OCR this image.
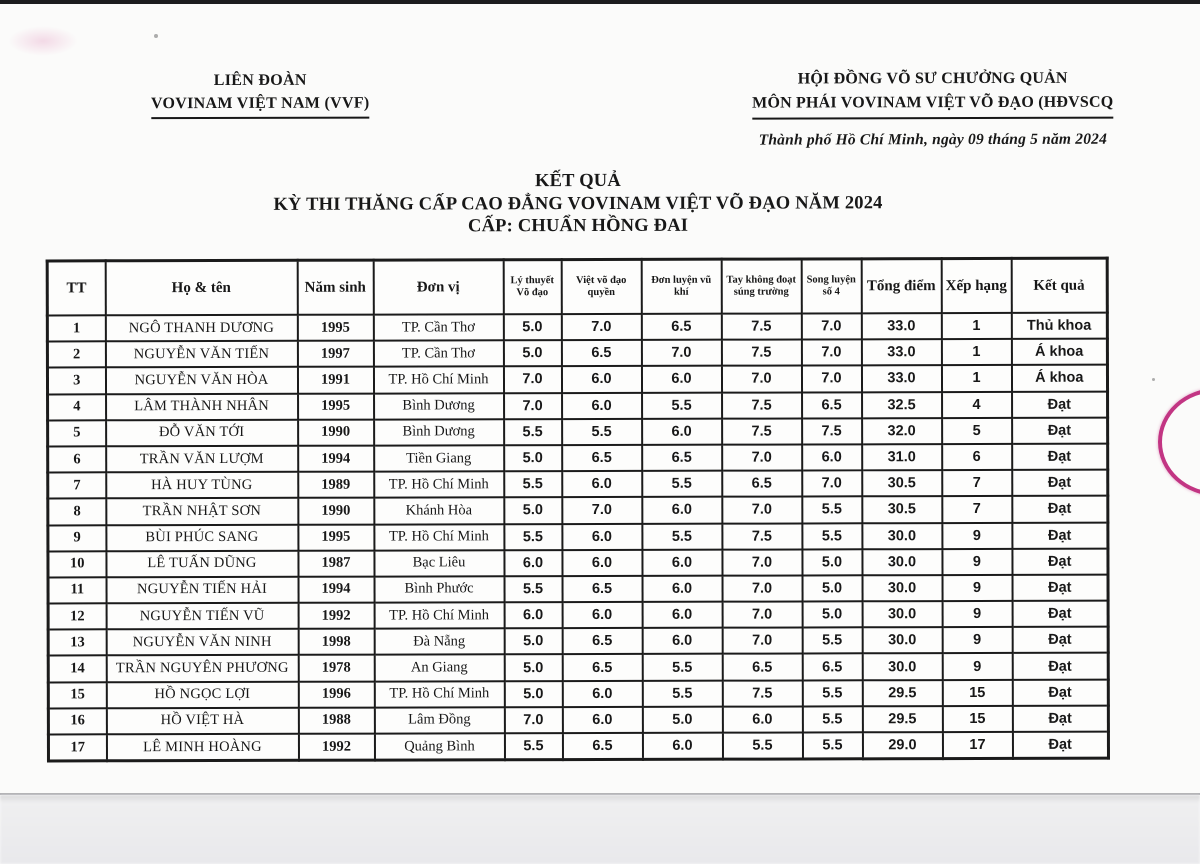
LIÊN ĐOÀN
VOVINAM VIỆT NAM (VVF)
HỘI ĐỒNG VÕ SƯ CHƯỞNG QUẢN
MÔN PHÁI VOVINAM VIỆT VÕ ĐẠO (HĐVSCQ
Thành phố Hồ Chí Minh, ngày 09 tháng 5 năm 2024
KẾT QUẢ
KỲ THI THĂNG CẤP CAO ĐẲNG VOVINAM VIỆT VÕ ĐẠO NĂM 2024
CẤP: CHUẨN HỒNG ĐAI
TT	Họ & tên	Năm sinh	Đơn vị	Lý thuyết Võ đạo	Việt võ đạo quyền	Đơn luyện vũ khí	Tay không đoạt súng trường	Song luyện số 4	Tổng điểm	Xếp hạng	Kết quả
1	NGÔ THANH DƯƠNG	1995	TP. Cần Thơ	5.0	7.0	6.5	7.5	7.0	33.0	1	Thủ khoa
2	NGUYỄN VĂN TIẾN	1997	TP. Cần Thơ	5.0	6.5	7.0	7.5	7.0	33.0	1	Á khoa
3	NGUYỄN VĂN HÒA	1991	TP. Hồ Chí Minh	7.0	6.0	6.0	7.0	7.0	33.0	1	Á khoa
4	LÂM THÀNH NHÂN	1995	Bình Dương	7.0	6.0	5.5	7.5	6.5	32.5	4	Đạt
5	ĐỖ VĂN TỚI	1990	Bình Dương	5.5	5.5	6.0	7.5	7.5	32.0	5	Đạt
6	TRẦN VĂN LƯỢM	1994	Tiền Giang	5.0	6.5	6.5	7.0	6.0	31.0	6	Đạt
7	HÀ HUY TÙNG	1989	TP. Hồ Chí Minh	5.5	6.0	5.5	6.5	7.0	30.5	7	Đạt
8	TRẦN NHẬT SƠN	1990	Khánh Hòa	5.0	7.0	6.0	7.0	5.5	30.5	7	Đạt
9	BÙI PHÚC SANG	1995	TP. Hồ Chí Minh	5.5	6.0	5.5	7.5	5.5	30.0	9	Đạt
10	LÊ TUẤN DŨNG	1987	Bạc Liêu	6.0	6.0	6.0	7.0	5.0	30.0	9	Đạt
11	NGUYỄN TIẾN HẢI	1994	Bình Phước	5.5	6.5	6.0	7.0	5.0	30.0	9	Đạt
12	NGUYỄN TIẾN VŨ	1992	TP. Hồ Chí Minh	6.0	6.0	6.0	7.0	5.0	30.0	9	Đạt
13	NGUYỄN VĂN NINH	1998	Đà Nẵng	5.0	6.5	6.0	7.0	5.5	30.0	9	Đạt
14	TRẦN NGUYÊN PHƯƠNG	1978	An Giang	5.0	6.5	5.5	6.5	6.5	30.0	9	Đạt
15	HỒ NGỌC LỢI	1996	TP. Hồ Chí Minh	5.0	6.0	5.5	7.5	5.5	29.5	15	Đạt
16	HỒ VIỆT HÀ	1988	Lâm Đồng	7.0	6.0	5.0	6.0	5.5	29.5	15	Đạt
17	LÊ MINH HOÀNG	1992	Quảng Bình	5.5	6.5	6.0	5.5	5.5	29.0	17	Đạt
